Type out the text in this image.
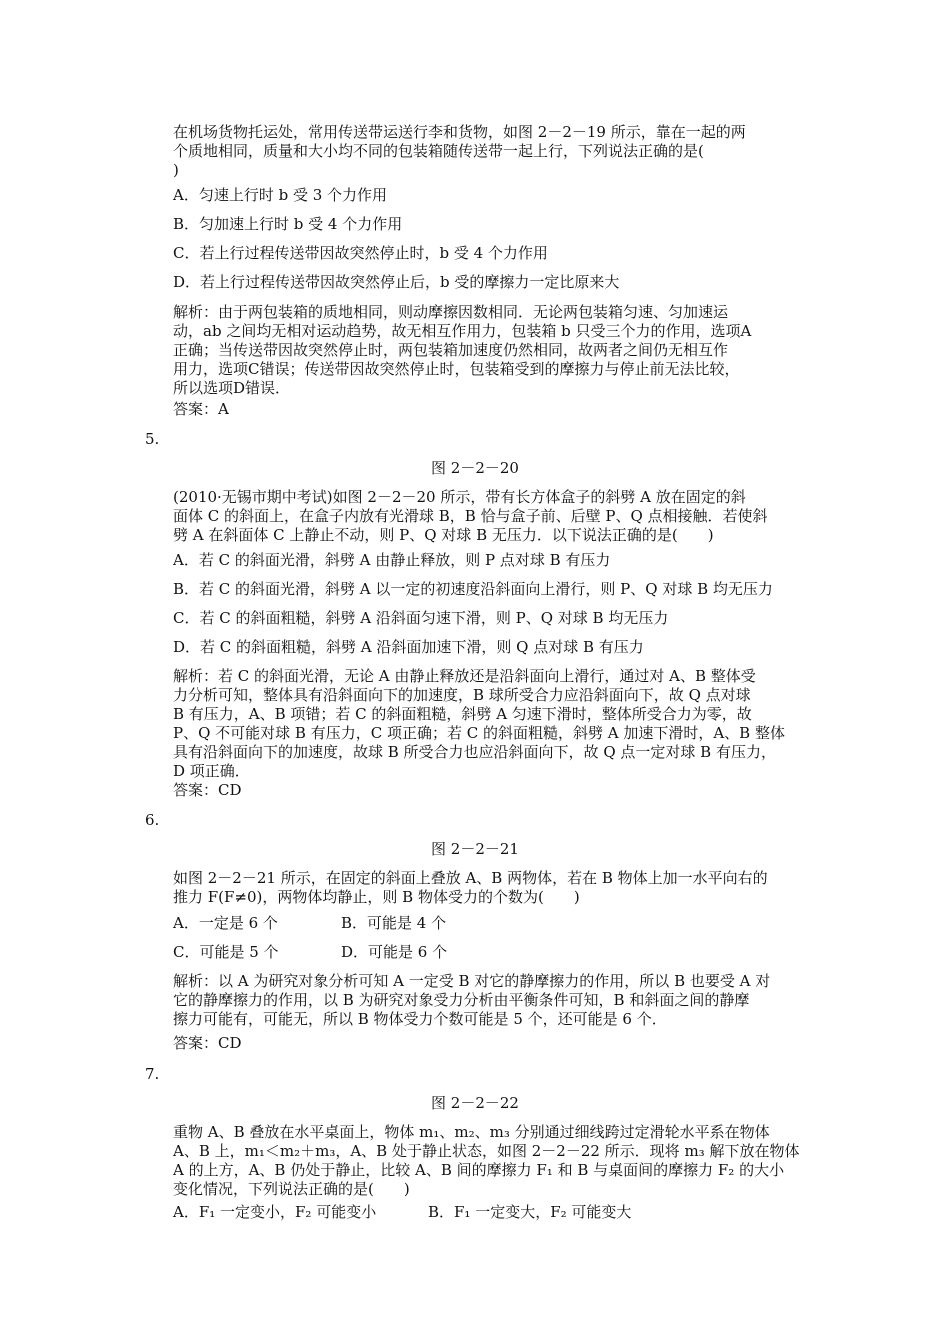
在机场货物托运处，常用传送带运送行李和货物，如图 2－2－19 所示，靠在一起的两
个质地相同，质量和大小均不同的包装箱随传送带一起上行，下列说法正确的是(
)
A．匀速上行时 b 受 3 个力作用
B．匀加速上行时 b 受 4 个力作用
C．若上行过程传送带因故突然停止时，b 受 4 个力作用
D．若上行过程传送带因故突然停止后，b 受的摩擦力一定比原来大
解析：由于两包装箱的质地相同，则动摩擦因数相同．无论两包装箱匀速、匀加速运
动，ab 之间均无相对运动趋势，故无相互作用力，包装箱 b 只受三个力的作用，选项A
正确；当传送带因故突然停止时，两包装箱加速度仍然相同，故两者之间仍无相互作
用力，选项C错误；传送带因故突然停止时，包装箱受到的摩擦力与停止前无法比较，
所以选项D错误．
答案：A
5.
图 2－2－20
(2010·无锡市期中考试)如图 2－2－20 所示，带有长方体盒子的斜劈 A 放在固定的斜
面体 C 的斜面上，在盒子内放有光滑球 B，B 恰与盒子前、后壁 P、Q 点相接触．若使斜
劈 A 在斜面体 C 上静止不动，则 P、Q 对球 B 无压力．以下说法正确的是(　　)
A．若 C 的斜面光滑，斜劈 A 由静止释放，则 P 点对球 B 有压力
B．若 C 的斜面光滑，斜劈 A 以一定的初速度沿斜面向上滑行，则 P、Q 对球 B 均无压力
C．若 C 的斜面粗糙，斜劈 A 沿斜面匀速下滑，则 P、Q 对球 B 均无压力
D．若 C 的斜面粗糙，斜劈 A 沿斜面加速下滑，则 Q 点对球 B 有压力
解析：若 C 的斜面光滑，无论 A 由静止释放还是沿斜面向上滑行，通过对 A、B 整体受
力分析可知，整体具有沿斜面向下的加速度，B 球所受合力应沿斜面向下，故 Q 点对球
B 有压力，A、B 项错；若 C 的斜面粗糙，斜劈 A 匀速下滑时，整体所受合力为零，故
P、Q 不可能对球 B 有压力，C 项正确；若 C 的斜面粗糙，斜劈 A 加速下滑时，A、B 整体
具有沿斜面向下的加速度，故球 B 所受合力也应沿斜面向下，故 Q 点一定对球 B 有压力，
D 项正确．
答案：CD
6.
图 2－2－21
如图 2－2－21 所示，在固定的斜面上叠放 A、B 两物体，若在 B 物体上加一水平向右的
推力 F(F≠0)，两物体均静止，则 B 物体受力的个数为(　　)
A．一定是 6 个	B．可能是 4 个
C．可能是 5 个	D．可能是 6 个
解析：以 A 为研究对象分析可知 A 一定受 B 对它的静摩擦力的作用，所以 B 也要受 A 对
它的静摩擦力的作用，以 B 为研究对象受力分析由平衡条件可知，B 和斜面之间的静摩
擦力可能有，可能无，所以 B 物体受力个数可能是 5 个，还可能是 6 个．
答案：CD
7.
图 2－2－22
重物 A、B 叠放在水平桌面上，物体 m₁、m₂、m₃ 分别通过细线跨过定滑轮水平系在物体
A、B 上，m₁＜m₂＋m₃，A、B 处于静止状态，如图 2－2－22 所示．现将 m₃ 解下放在物体
A 的上方，A、B 仍处于静止，比较 A、B 间的摩擦力 F₁ 和 B 与桌面间的摩擦力 F₂ 的大小
变化情况，下列说法正确的是(　　)
A．F₁ 一定变小，F₂ 可能变小	B．F₁ 一定变大，F₂ 可能变大
